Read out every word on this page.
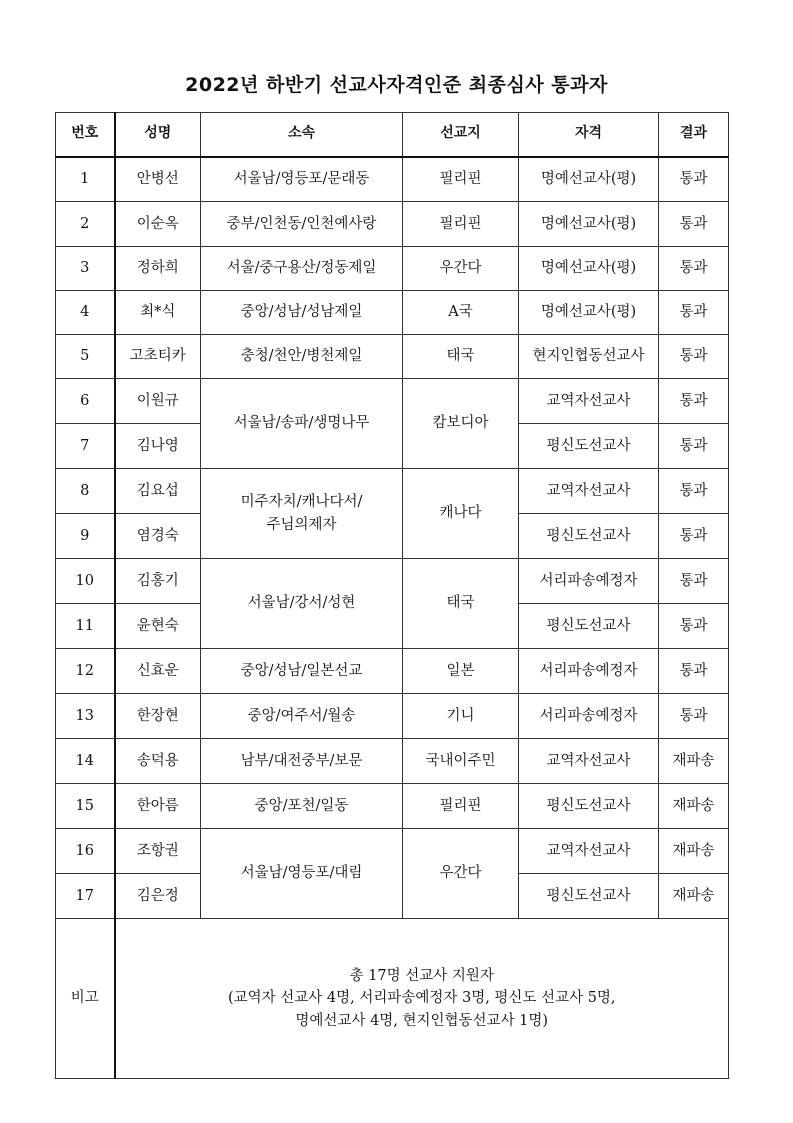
2022년 하반기 선교사자격인준 최종심사 통과자
번호	성명	소속	선교지	자격	결과
1	안병선	서울남/영등포/문래동	필리핀	명예선교사(평)	통과
2	이순옥	중부/인천동/인천예사랑	필리핀	명예선교사(평)	통과
3	정하희	서울/중구용산/정동제일	우간다	명예선교사(평)	통과
4	최*식	중앙/성남/성남제일	A국	명예선교사(평)	통과
5	고초티카	충청/천안/병천제일	태국	현지인협동선교사	통과
6	이원규	서울남/송파/생명나무	캄보디아	교역자선교사	통과
7	김나영			평신도선교사	통과
8	김요섭	미주자치/캐나다서/
주님의제자	캐나다	교역자선교사	통과
9	염경숙			평신도선교사	통과
10	김홍기	서울남/강서/성현	태국	서리파송예정자	통과
11	윤현숙			평신도선교사	통과
12	신효운	중앙/성남/일본선교	일본	서리파송예정자	통과
13	한장현	중앙/여주서/월송	기니	서리파송예정자	통과
14	송덕용	남부/대전중부/보문	국내이주민	교역자선교사	재파송
15	한아름	중앙/포천/일동	필리핀	평신도선교사	재파송
16	조항권	서울남/영등포/대림	우간다	교역자선교사	재파송
17	김은정			평신도선교사	재파송
비고	총 17명 선교사 지원자
(교역자 선교사 4명, 서리파송예정자 3명, 평신도 선교사 5명,
명예선교사 4명, 현지인협동선교사 1명)				
